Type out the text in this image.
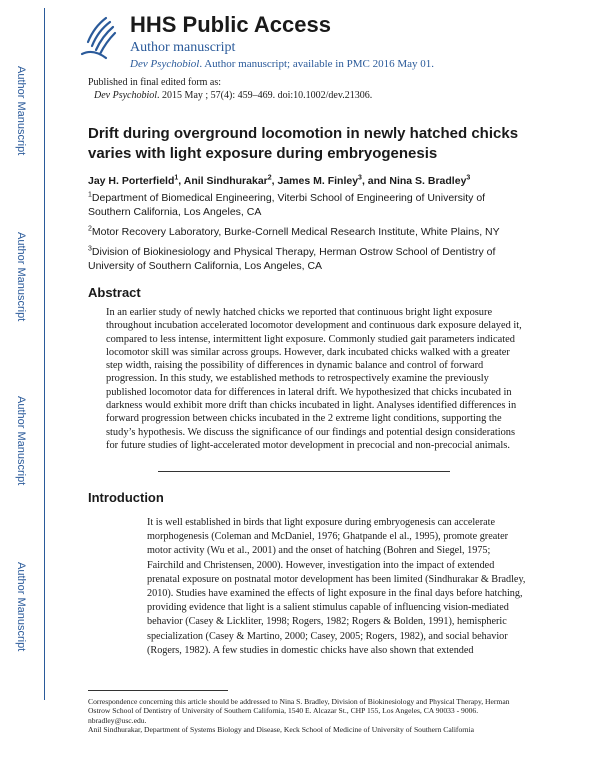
Author Manuscript
Author Manuscript
Author Manuscript
Author Manuscript
HHS Public Access
Author manuscript
Dev Psychobiol. Author manuscript; available in PMC 2016 May 01.
Published in final edited form as:
Dev Psychobiol. 2015 May ; 57(4): 459–469. doi:10.1002/dev.21306.
Drift during overground locomotion in newly hatched chicks varies with light exposure during embryogenesis
Jay H. Porterfield$^1$, Anil Sindhurakar$^2$, James M. Finley$^3$, and Nina S. Bradley$^3$
$^1$Department of Biomedical Engineering, Viterbi School of Engineering of University of Southern California, Los Angeles, CA
$^2$Motor Recovery Laboratory, Burke-Cornell Medical Research Institute, White Plains, NY
$^3$Division of Biokinesiology and Physical Therapy, Herman Ostrow School of Dentistry of University of Southern California, Los Angeles, CA
Abstract
In an earlier study of newly hatched chicks we reported that continuous bright light exposure throughout incubation accelerated locomotor development and continuous dark exposure delayed it, compared to less intense, intermittent light exposure. Commonly studied gait parameters indicated locomotor skill was similar across groups. However, dark incubated chicks walked with a greater step width, raising the possibility of differences in dynamic balance and control of forward progression. In this study, we established methods to retrospectively examine the previously published locomotor data for differences in lateral drift. We hypothesized that chicks incubated in darkness would exhibit more drift than chicks incubated in light. Analyses identified differences in forward progression between chicks incubated in the 2 extreme light conditions, supporting the study’s hypothesis. We discuss the significance of our findings and potential design considerations for future studies of light-accelerated motor development in precocial and non-precocial animals.
Introduction

It is well established in birds that light exposure during embryogenesis can accelerate morphogenesis (Coleman and McDaniel, 1976; Ghatpande el al., 1995), promote greater motor activity (Wu et al., 2001) and the onset of hatching (Bohren and Siegel, 1975; Fairchild and Christensen, 2000). However, investigation into the impact of extended prenatal exposure on postnatal motor development has been limited (Sindhurakar & Bradley, 2010). Studies have examined the effects of light exposure in the final days before hatching, providing evidence that light is a salient stimulus capable of influencing vision-mediated behavior (Casey & Lickliter, 1998; Rogers, 1982; Rogers & Bolden, 1991), hemispheric specialization (Casey & Martino, 2000; Casey, 2005; Rogers, 1982), and social behavior (Rogers, 1982). A few studies in domestic chicks have also shown that extended

Correspondence concerning this article should be addressed to Nina S. Bradley, Division of Biokinesiology and Physical Therapy, Herman Ostrow School of Dentistry of University of Southern California, 1540 E. Alcazar St., CHP 155, Los Angeles, CA 90033 - 9006. nbradley@usc.edu.

Anil Sindhurakar, Department of Systems Biology and Disease, Keck School of Medicine of University of Southern California
